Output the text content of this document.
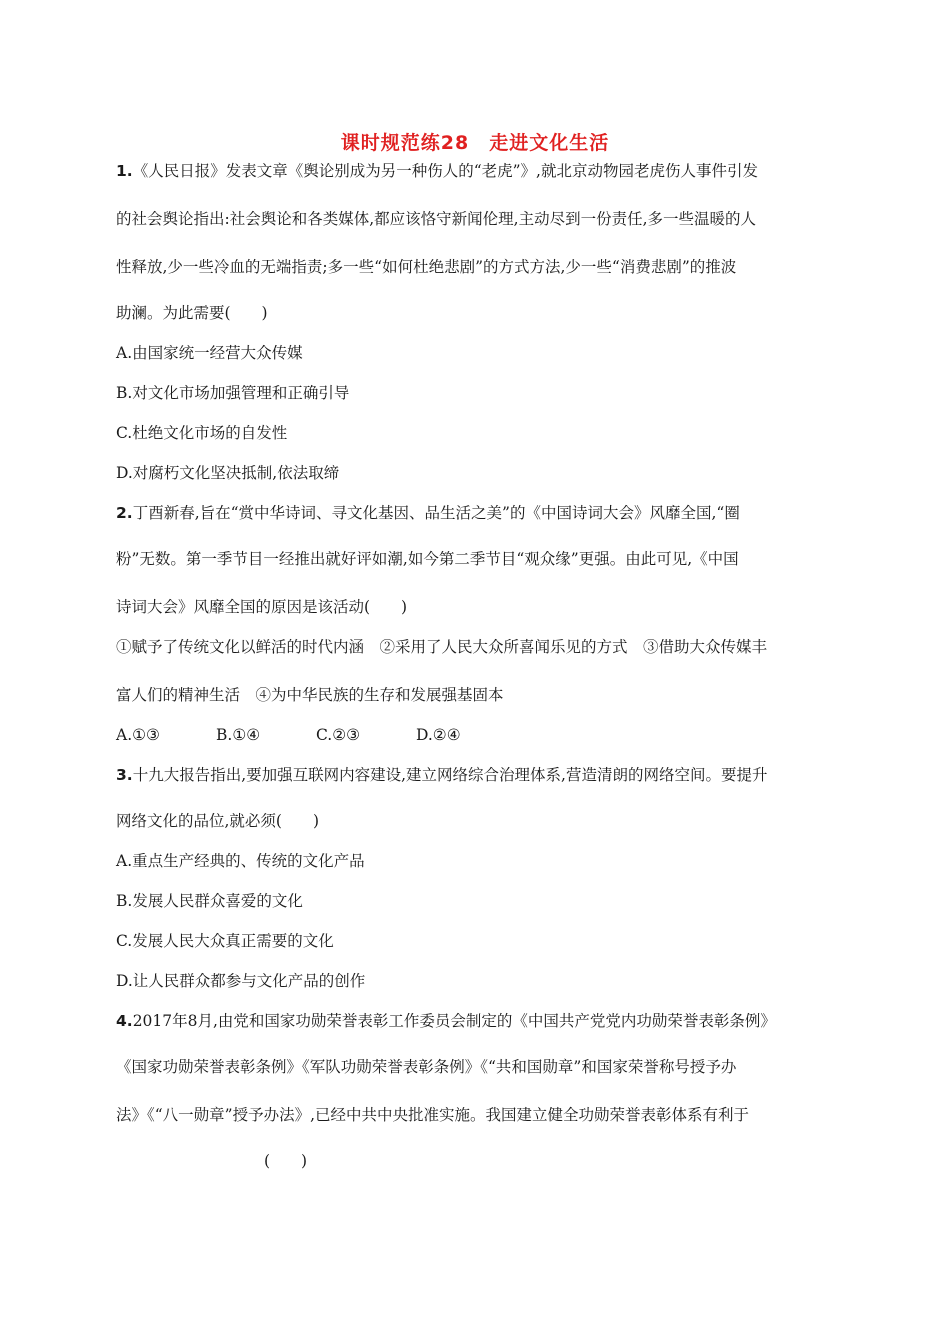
课时规范练28　走进文化生活
1.《人民日报》发表文章《舆论别成为另一种伤人的“老虎”》,就北京动物园老虎伤人事件引发
的社会舆论指出:社会舆论和各类媒体,都应该恪守新闻伦理,主动尽到一份责任,多一些温暖的人
性释放,少一些冷血的无端指责;多一些“如何杜绝悲剧”的方式方法,少一些“消费悲剧”的推波
助澜。为此需要(　　)
A.由国家统一经营大众传媒
B.对文化市场加强管理和正确引导
C.杜绝文化市场的自发性
D.对腐朽文化坚决抵制,依法取缔
2.丁酉新春,旨在“赏中华诗词、寻文化基因、品生活之美”的《中国诗词大会》风靡全国,“圈
粉”无数。第一季节目一经推出就好评如潮,如今第二季节目“观众缘”更强。由此可见,《中国
诗词大会》风靡全国的原因是该活动(　　)
①赋予了传统文化以鲜活的时代内涵　②采用了人民大众所喜闻乐见的方式　③借助大众传媒丰
富人们的精神生活　④为中华民族的生存和发展强基固本
A.①③	B.①④	C.②③	D.②④
3.十九大报告指出,要加强互联网内容建设,建立网络综合治理体系,营造清朗的网络空间。要提升
网络文化的品位,就必须(　　)
A.重点生产经典的、传统的文化产品
B.发展人民群众喜爱的文化
C.发展人民大众真正需要的文化
D.让人民群众都参与文化产品的创作
4.2017年8月,由党和国家功勋荣誉表彰工作委员会制定的《中国共产党党内功勋荣誉表彰条例》
《国家功勋荣誉表彰条例》《军队功勋荣誉表彰条例》《“共和国勋章”和国家荣誉称号授予办
法》《“八一勋章”授予办法》,已经中共中央批准实施。我国建立健全功勋荣誉表彰体系有利于
(　　)
